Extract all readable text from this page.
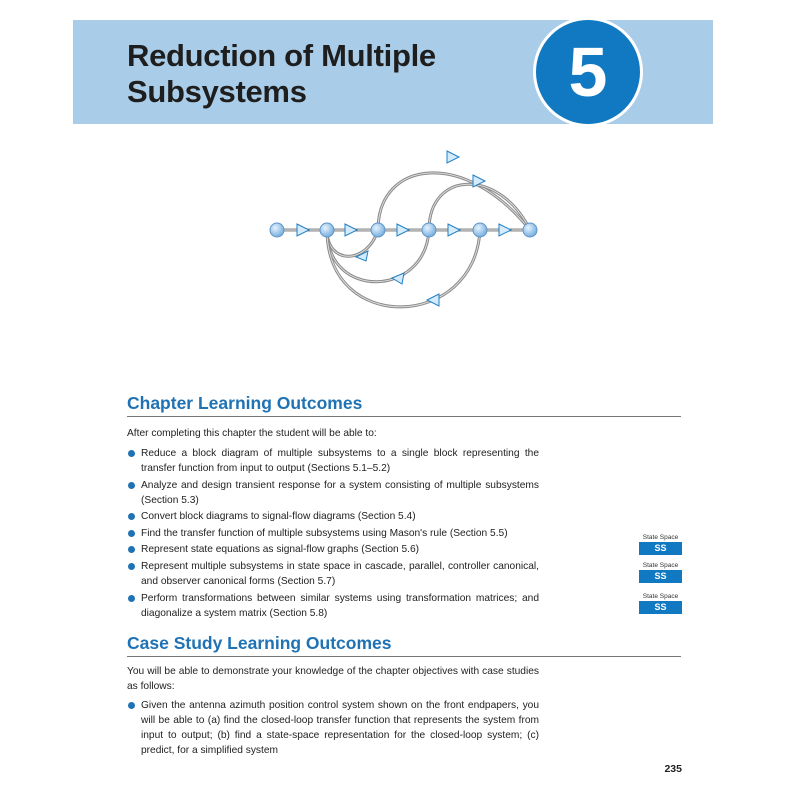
Reduction of Multiple
Subsystems	5
Chapter Learning Outcomes

After completing this chapter the student will be able to:

Reduce a block diagram of multiple subsystems to a single block representing the transfer function from input to output (Sections 5.1–5.2)
Analyze and design transient response for a system consisting of multiple subsystems (Section 5.3)
Convert block diagrams to signal-flow diagrams (Section 5.4)
Find the transfer function of multiple subsystems using Mason's rule (Section 5.5)
Represent state equations as signal-flow graphs (Section 5.6)
Represent multiple subsystems in state space in cascade, parallel, controller canonical, and observer canonical forms (Section 5.7)
Perform transformations between similar systems using transformation matrices; and diagonalize a system matrix (Section 5.8)
State Space
SS
State Space
SS
State Space
SS
Case Study Learning Outcomes

You will be able to demonstrate your knowledge of the chapter objectives with case studies as follows:

Given the antenna azimuth position control system shown on the front endpapers, you will be able to (a) find the closed-loop transfer function that represents the system from input to output; (b) find a state-space representation for the closed-loop system; (c) predict, for a simplified system
235
